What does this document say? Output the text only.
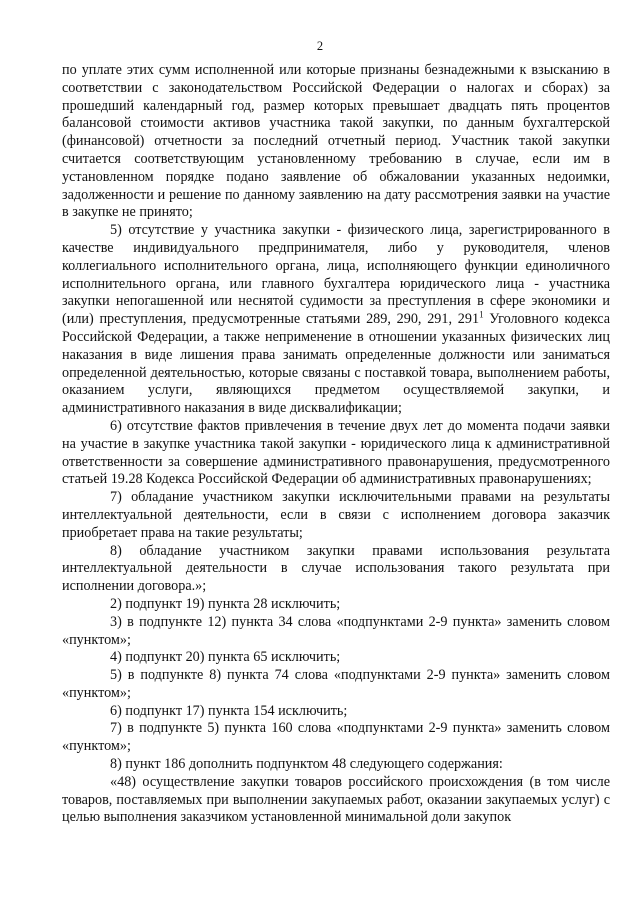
2

по уплате этих сумм исполненной или которые признаны безнадежными к взысканию в соответствии с законодательством Российской Федерации о налогах и сборах) за прошедший календарный год, размер которых превышает двадцать пять процентов балансовой стоимости активов участника такой закупки, по данным бухгалтерской (финансовой) отчетности за последний отчетный период. Участник такой закупки считается соответствующим установленному требованию в случае, если им в установленном порядке подано заявление об обжаловании указанных недоимки, задолженности и решение по данному заявлению на дату рассмотрения заявки на участие в закупке не принято;

5) отсутствие у участника закупки - физического лица, зарегистрированного в качестве индивидуального предпринимателя, либо у руководителя, членов коллегиального исполнительного органа, лица, исполняющего функции единоличного исполнительного органа, или главного бухгалтера юридического лица - участника закупки непогашенной или неснятой судимости за преступления в сфере экономики и (или) преступления, предусмотренные статьями 289, 290, 291, $291^1$ Уголовного кодекса Российской Федерации, а также неприменение в отношении указанных физических лиц наказания в виде лишения права занимать определенные должности или заниматься определенной деятельностью, которые связаны с поставкой товара, выполнением работы, оказанием услуги, являющихся предметом осуществляемой закупки, и административного наказания в виде дисквалификации;

6) отсутствие фактов привлечения в течение двух лет до момента подачи заявки на участие в закупке участника такой закупки - юридического лица к административной ответственности за совершение административного правонарушения, предусмотренного статьей 19.28 Кодекса Российской Федерации об административных правонарушениях;

7) обладание участником закупки исключительными правами на результаты интеллектуальной деятельности, если в связи с исполнением договора заказчик приобретает права на такие результаты;

8) обладание участником закупки правами использования результата интеллектуальной деятельности в случае использования такого результата при исполнении договора.»;

2) подпункт 19) пункта 28 исключить;

3) в подпункте 12) пункта 34 слова «подпунктами 2-9 пункта» заменить словом «пунктом»;

4) подпункт 20) пункта 65 исключить;

5) в подпункте 8) пункта 74 слова «подпунктами 2-9 пункта» заменить словом «пунктом»;

6) подпункт 17) пункта 154 исключить;

7) в подпункте 5) пункта 160 слова «подпунктами 2-9 пункта» заменить словом «пунктом»;

8) пункт 186 дополнить подпунктом 48 следующего содержания:

«48) осуществление закупки товаров российского происхождения (в том числе товаров, поставляемых при выполнении закупаемых работ, оказании закупаемых услуг) с целью выполнения заказчиком установленной минимальной доли закупок
